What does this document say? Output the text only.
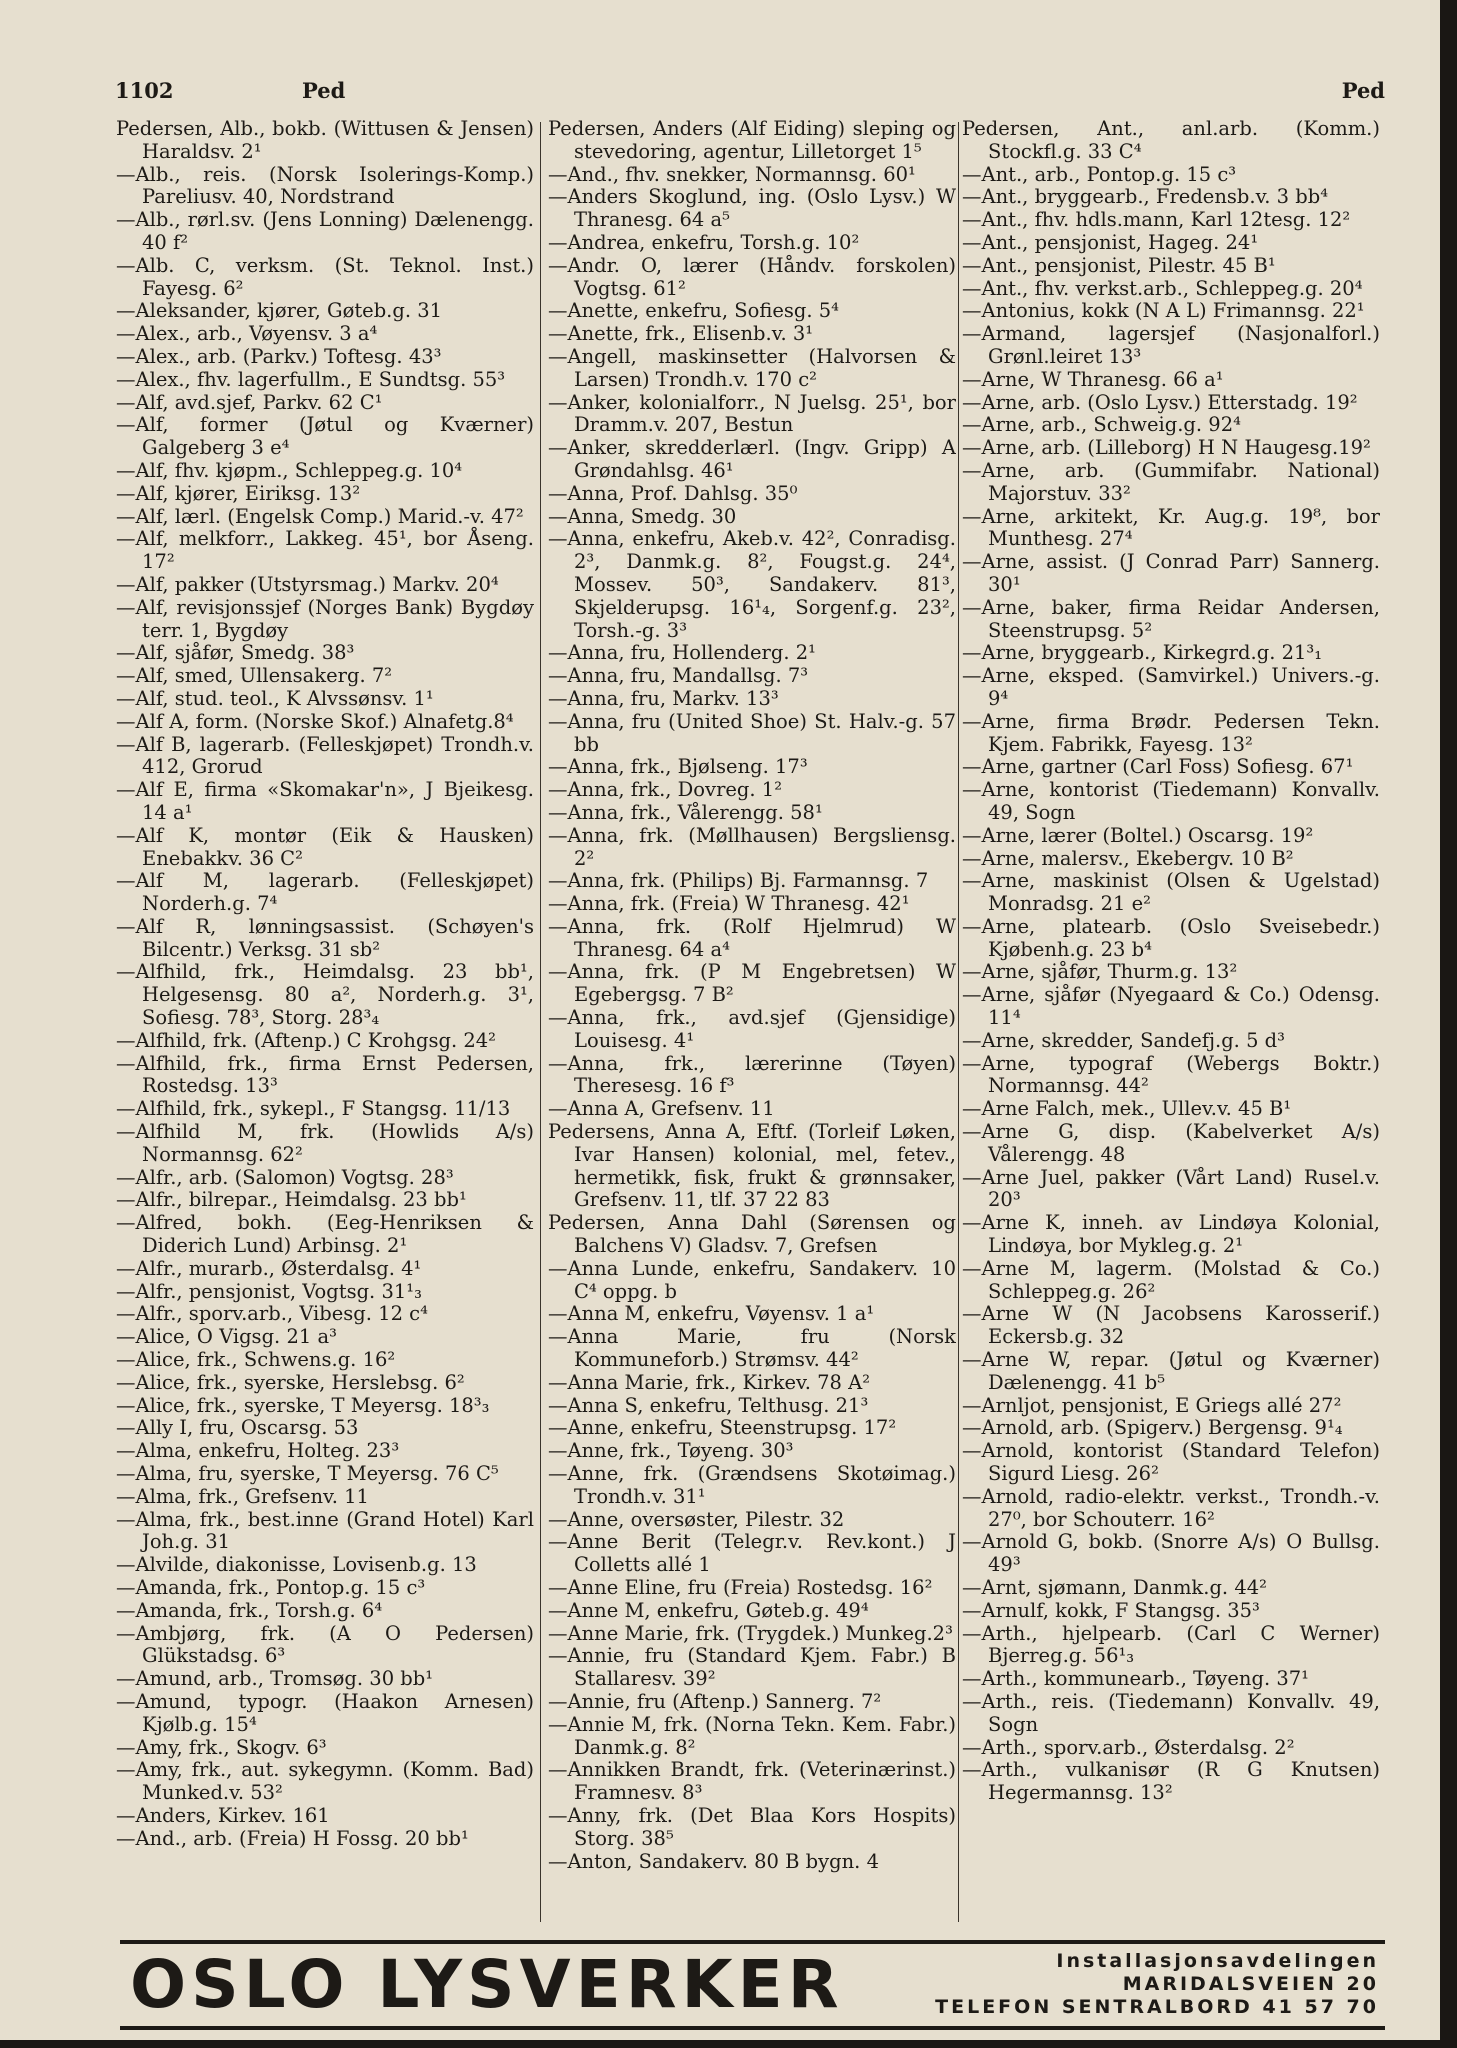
1102	Ped	Ped

Pedersen, Alb., bokb. (Wittusen & Jensen) Haraldsv. 2¹

—Alb., reis. (Norsk Isolerings-Komp.) Pareliusv. 40, Nordstrand

—Alb., rørl.sv. (Jens Lonning) Dælenengg. 40 f²

—Alb. C, verksm. (St. Teknol. Inst.) Fayesg. 6²

—Aleksander, kjører, Gøteb.g. 31

—Alex., arb., Vøyensv. 3 a⁴

—Alex., arb. (Parkv.) Toftesg. 43³

—Alex., fhv. lagerfullm., E Sundtsg. 55³

—Alf, avd.sjef, Parkv. 62 C¹

—Alf, former (Jøtul og Kværner) Galgeberg 3 e⁴

—Alf, fhv. kjøpm., Schleppeg.g. 10⁴

—Alf, kjører, Eiriksg. 13²

—Alf, lærl. (Engelsk Comp.) Marid.-v. 47²

—Alf, melkforr., Lakkeg. 45¹, bor Åseng. 17²

—Alf, pakker (Utstyrsmag.) Markv. 20⁴

—Alf, revisjonssjef (Norges Bank) Bygdøy terr. 1, Bygdøy

—Alf, sjåfør, Smedg. 38³

—Alf, smed, Ullensakerg. 7²

—Alf, stud. teol., K Alvssønsv. 1¹

—Alf A, form. (Norske Skof.) Alnafetg.8⁴

—Alf B, lagerarb. (Felleskjøpet) Trondh.v. 412, Grorud

—Alf E, firma «Skomakar'n», J Bjeikesg. 14 a¹

—Alf K, montør (Eik & Hausken) Enebakkv. 36 C²

—Alf M, lagerarb. (Felleskjøpet) Norderh.g. 7⁴

—Alf R, lønningsassist. (Schøyen's Bilcentr.) Verksg. 31 sb²

—Alfhild, frk., Heimdalsg. 23 bb¹, Helgesensg. 80 a², Norderh.g. 3¹, Sofiesg. 78³, Storg. 28³₄

—Alfhild, frk. (Aftenp.) C Krohgsg. 24²

—Alfhild, frk., firma Ernst Pedersen, Rostedsg. 13³

—Alfhild, frk., sykepl., F Stangsg. 11/13

—Alfhild M, frk. (Howlids A/s) Normannsg. 62²

—Alfr., arb. (Salomon) Vogtsg. 28³

—Alfr., bilrepar., Heimdalsg. 23 bb¹

—Alfred, bokh. (Eeg-Henriksen & Diderich Lund) Arbinsg. 2¹

—Alfr., murarb., Østerdalsg. 4¹

—Alfr., pensjonist, Vogtsg. 31¹₃

—Alfr., sporv.arb., Vibesg. 12 c⁴

—Alice, O Vigsg. 21 a³

—Alice, frk., Schwens.g. 16²

—Alice, frk., syerske, Herslebsg. 6²

—Alice, frk., syerske, T Meyersg. 18³₃

—Ally I, fru, Oscarsg. 53

—Alma, enkefru, Holteg. 23³

—Alma, fru, syerske, T Meyersg. 76 C⁵

—Alma, frk., Grefsenv. 11

—Alma, frk., best.inne (Grand Hotel) Karl Joh.g. 31

—Alvilde, diakonisse, Lovisenb.g. 13

—Amanda, frk., Pontop.g. 15 c³

—Amanda, frk., Torsh.g. 6⁴

—Ambjørg, frk. (A O Pedersen) Glükstadsg. 6³

—Amund, arb., Tromsøg. 30 bb¹

—Amund, typogr. (Haakon Arnesen) Kjølb.g. 15⁴

—Amy, frk., Skogv. 6³

—Amy, frk., aut. sykegymn. (Komm. Bad) Munked.v. 53²

—Anders, Kirkev. 161

—And., arb. (Freia) H Fossg. 20 bb¹

Pedersen, Anders (Alf Eiding) sleping og stevedoring, agentur, Lilletorget 1⁵

—And., fhv. snekker, Normannsg. 60¹

—Anders Skoglund, ing. (Oslo Lysv.) W Thranesg. 64 a⁵

—Andrea, enkefru, Torsh.g. 10²

—Andr. O, lærer (Håndv. forskolen) Vogtsg. 61²

—Anette, enkefru, Sofiesg. 5⁴

—Anette, frk., Elisenb.v. 3¹

—Angell, maskinsetter (Halvorsen & Larsen) Trondh.v. 170 c²

—Anker, kolonialforr., N Juelsg. 25¹, bor Dramm.v. 207, Bestun

—Anker, skredderlærl. (Ingv. Gripp) A Grøndahlsg. 46¹

—Anna, Prof. Dahlsg. 35⁰

—Anna, Smedg. 30

—Anna, enkefru, Akeb.v. 42², Conradisg. 2³, Danmk.g. 8², Fougst.g. 24⁴, Mossev. 50³, Sandakerv. 81³, Skjelderupsg. 16¹₄, Sorgenf.g. 23², Torsh.-g. 3³

—Anna, fru, Hollenderg. 2¹

—Anna, fru, Mandallsg. 7³

—Anna, fru, Markv. 13³

—Anna, fru (United Shoe) St. Halv.-g. 57 bb

—Anna, frk., Bjølseng. 17³

—Anna, frk., Dovreg. 1²

—Anna, frk., Vålerengg. 58¹

—Anna, frk. (Møllhausen) Bergsliensg. 2²

—Anna, frk. (Philips) Bj. Farmannsg. 7

—Anna, frk. (Freia) W Thranesg. 42¹

—Anna, frk. (Rolf Hjelmrud) W Thranesg. 64 a⁴

—Anna, frk. (P M Engebretsen) W Egebergsg. 7 B²

—Anna, frk., avd.sjef (Gjensidige) Louisesg. 4¹

—Anna, frk., lærerinne (Tøyen) Theresesg. 16 f³

—Anna A, Grefsenv. 11

Pedersens, Anna A, Eftf. (Torleif Løken, Ivar Hansen) kolonial, mel, fetev., hermetikk, fisk, frukt & grønnsaker, Grefsenv. 11, tlf. 37 22 83

Pedersen, Anna Dahl (Sørensen og Balchens V) Gladsv. 7, Grefsen

—Anna Lunde, enkefru, Sandakerv. 10 C⁴ oppg. b

—Anna M, enkefru, Vøyensv. 1 a¹

—Anna Marie, fru (Norsk Kommuneforb.) Strømsv. 44²

—Anna Marie, frk., Kirkev. 78 A²

—Anna S, enkefru, Telthusg. 21³

—Anne, enkefru, Steenstrupsg. 17²

—Anne, frk., Tøyeng. 30³

—Anne, frk. (Grændsens Skotøimag.) Trondh.v. 31¹

—Anne, oversøster, Pilestr. 32

—Anne Berit (Telegr.v. Rev.kont.) J Colletts allé 1

—Anne Eline, fru (Freia) Rostedsg. 16²

—Anne M, enkefru, Gøteb.g. 49⁴

—Anne Marie, frk. (Trygdek.) Munkeg.2³

—Annie, fru (Standard Kjem. Fabr.) B Stallaresv. 39²

—Annie, fru (Aftenp.) Sannerg. 7²

—Annie M, frk. (Norna Tekn. Kem. Fabr.) Danmk.g. 8²

—Annikken Brandt, frk. (Veterinærinst.) Framnesv. 8³

—Anny, frk. (Det Blaa Kors Hospits) Storg. 38⁵

—Anton, Sandakerv. 80 B bygn. 4

Pedersen, Ant., anl.arb. (Komm.) Stockfl.g. 33 C⁴

—Ant., arb., Pontop.g. 15 c³

—Ant., bryggearb., Fredensb.v. 3 bb⁴

—Ant., fhv. hdls.mann, Karl 12tesg. 12²

—Ant., pensjonist, Hageg. 24¹

—Ant., pensjonist, Pilestr. 45 B¹

—Ant., fhv. verkst.arb., Schleppeg.g. 20⁴

—Antonius, kokk (N A L) Frimannsg. 22¹

—Armand, lagersjef (Nasjonalforl.) Grønl.leiret 13³

—Arne, W Thranesg. 66 a¹

—Arne, arb. (Oslo Lysv.) Etterstadg. 19²

—Arne, arb., Schweig.g. 92⁴

—Arne, arb. (Lilleborg) H N Haugesg.19²

—Arne, arb. (Gummifabr. National) Majorstuv. 33²

—Arne, arkitekt, Kr. Aug.g. 19⁸, bor Munthesg. 27⁴

—Arne, assist. (J Conrad Parr) Sannerg. 30¹

—Arne, baker, firma Reidar Andersen, Steenstrupsg. 5²

—Arne, bryggearb., Kirkegrd.g. 21³₁

—Arne, eksped. (Samvirkel.) Univers.-g. 9⁴

—Arne, firma Brødr. Pedersen Tekn. Kjem. Fabrikk, Fayesg. 13²

—Arne, gartner (Carl Foss) Sofiesg. 67¹

—Arne, kontorist (Tiedemann) Konvallv. 49, Sogn

—Arne, lærer (Boltel.) Oscarsg. 19²

—Arne, malersv., Ekebergv. 10 B²

—Arne, maskinist (Olsen & Ugelstad) Monradsg. 21 e²

—Arne, platearb. (Oslo Sveisebedr.) Kjøbenh.g. 23 b⁴

—Arne, sjåfør, Thurm.g. 13²

—Arne, sjåfør (Nyegaard & Co.) Odensg. 11⁴

—Arne, skredder, Sandefj.g. 5 d³

—Arne, typograf (Webergs Boktr.) Normannsg. 44²

—Arne Falch, mek., Ullev.v. 45 B¹

—Arne G, disp. (Kabelverket A/s) Vålerengg. 48

—Arne Juel, pakker (Vårt Land) Rusel.v. 20³

—Arne K, inneh. av Lindøya Kolonial, Lindøya, bor Mykleg.g. 2¹

—Arne M, lagerm. (Molstad & Co.) Schleppeg.g. 26²

—Arne W (N Jacobsens Karosserif.) Eckersb.g. 32

—Arne W, repar. (Jøtul og Kværner) Dælenengg. 41 b⁵

—Arnljot, pensjonist, E Griegs allé 27²

—Arnold, arb. (Spigerv.) Bergensg. 9¹₄

—Arnold, kontorist (Standard Telefon) Sigurd Liesg. 26²

—Arnold, radio-elektr. verkst., Trondh.-v. 27⁰, bor Schouterr. 16²

—Arnold G, bokb. (Snorre A/s) O Bullsg. 49³

—Arnt, sjømann, Danmk.g. 44²

—Arnulf, kokk, F Stangsg. 35³

—Arth., hjelpearb. (Carl C Werner) Bjerreg.g. 56¹₃

—Arth., kommunearb., Tøyeng. 37¹

—Arth., reis. (Tiedemann) Konvallv. 49, Sogn

—Arth., sporv.arb., Østerdalsg. 2²

—Arth., vulkanisør (R G Knutsen) Hegermannsg. 13²

OSLO LYSVERKER	Installasjonsavdelingen
MARIDALSVEIEN 20
TELEFON SENTRALBORD 41 57 70
